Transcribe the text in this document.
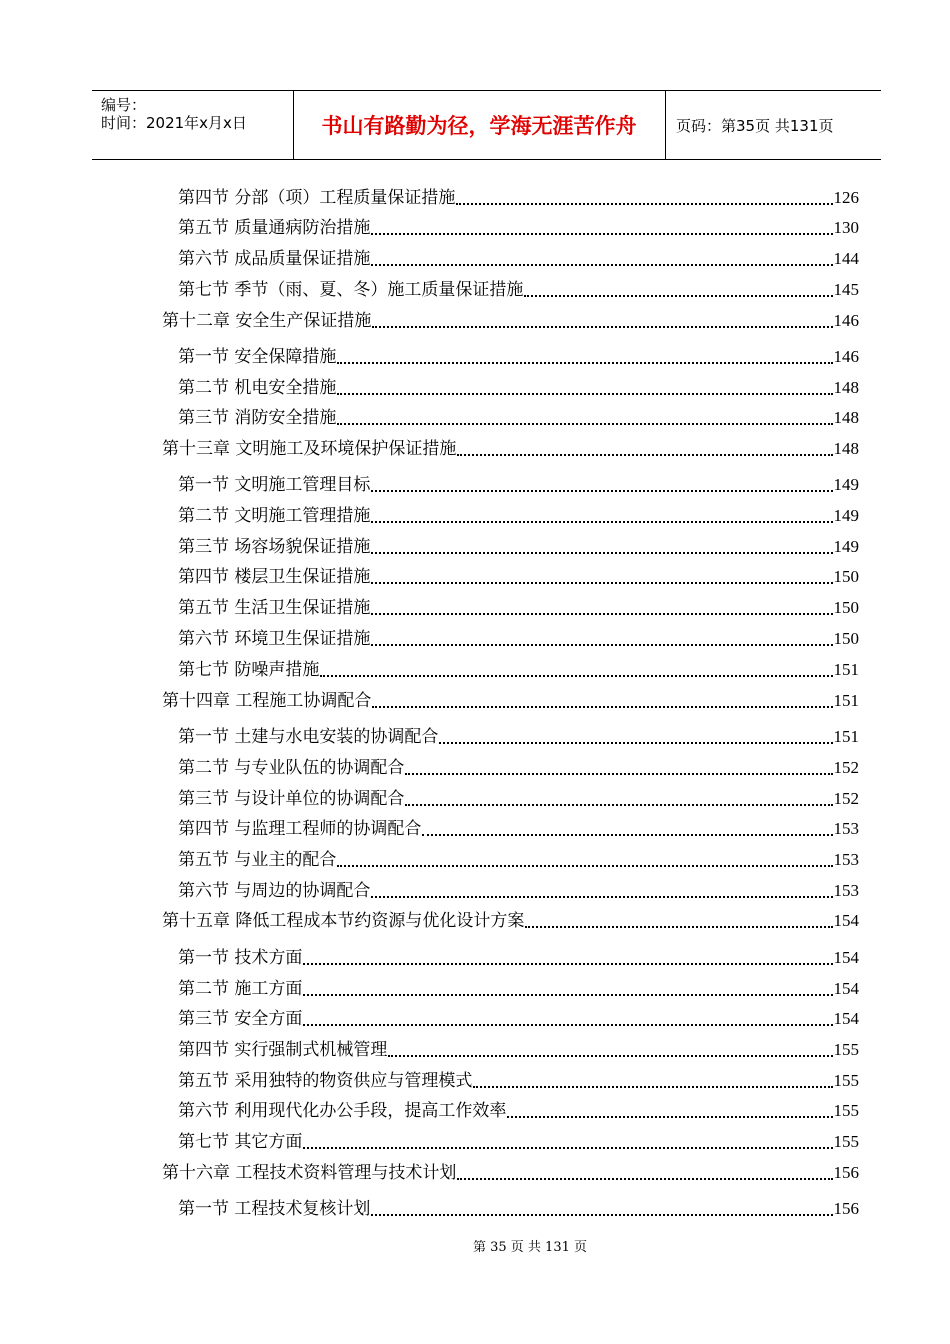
编号：
时间：2021年x月x日	书山有路勤为径，学海无涯苦作舟	页码：第35页 共131页
第四节 分部（项）工程质量保证措施	126
第五节 质量通病防治措施	130
第六节 成品质量保证措施	144
第七节 季节（雨、夏、冬）施工质量保证措施	145
第十二章 安全生产保证措施	146
第一节 安全保障措施	146
第二节 机电安全措施	148
第三节 消防安全措施	148
第十三章 文明施工及环境保护保证措施	148
第一节 文明施工管理目标	149
第二节 文明施工管理措施	149
第三节 场容场貌保证措施	149
第四节 楼层卫生保证措施	150
第五节 生活卫生保证措施	150
第六节 环境卫生保证措施	150
第七节 防噪声措施	151
第十四章 工程施工协调配合	151
第一节 土建与水电安装的协调配合	151
第二节 与专业队伍的协调配合	152
第三节 与设计单位的协调配合	152
第四节 与监理工程师的协调配合	153
第五节 与业主的配合	153
第六节 与周边的协调配合	153
第十五章 降低工程成本节约资源与优化设计方案	154
第一节 技术方面	154
第二节 施工方面	154
第三节 安全方面	154
第四节 实行强制式机械管理	155
第五节 采用独特的物资供应与管理模式	155
第六节 利用现代化办公手段，提高工作效率	155
第七节 其它方面	155
第十六章 工程技术资料管理与技术计划	156
第一节 工程技术复核计划	156
第 35 页 共 131 页
